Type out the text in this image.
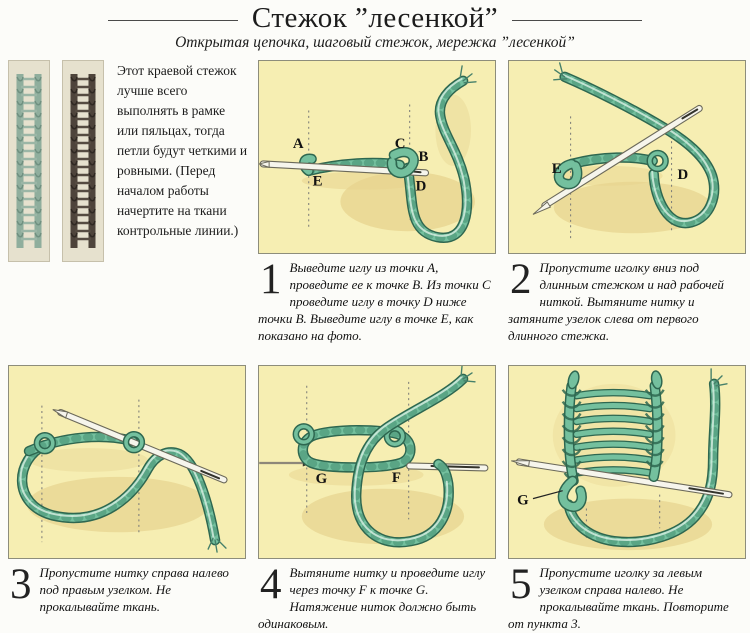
Стежок ”лесенкой”
Открытая цепочка, шаговый стежок, мережка ”лесенкой”
Этот краевой стежок лучше всего выполнять в рамке или пяльцах, тогда петли будут четкими и ровными. (Перед началом работы начертите на ткани контрольные линии.)
A
E
C
B
D
1 Выведите иглу из точки A, проведите ее к точке B. Из точки C проведите иглу в точку D ниже точки B. Выведите иглу в точке E, как показано на фото.
E	D
2 Пропустите иголку вниз под длинным стежком и над рабочей ниткой. Вытяните нитку и затяните узелок слева от первого длинного стежка.
3 Пропустите нитку справа налево под правым узелком. Не прокалывайте ткань.
G	F
4 Вытяните нитку и проведите иглу через точку F к точке G. Натяжение ниток должно быть одинаковым.
G
5 Пропустите иголку за левым узелком справа налево. Не прокалывайте ткань. Повторите от пункта 3.
